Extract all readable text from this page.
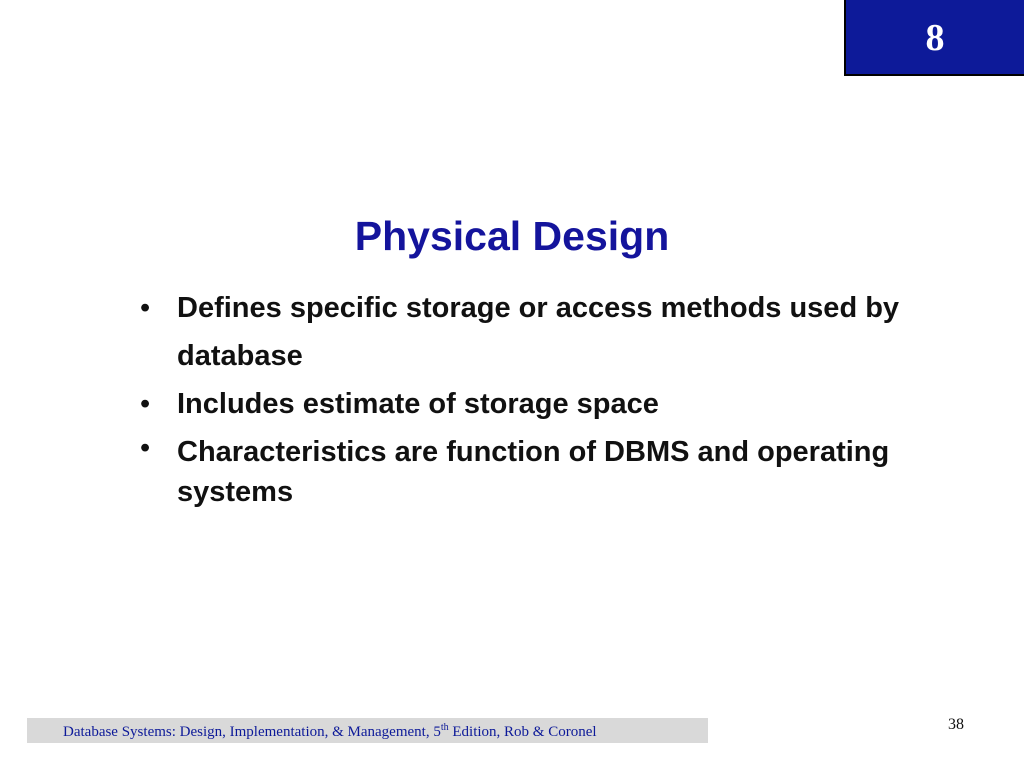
8
Physical Design
• Defines specific storage or access methods used by database
• Includes estimate of storage space
• Characteristics are function of DBMS and operating systems
Database Systems: Design, Implementation, & Management, 5th Edition, Rob & Coronel	38
